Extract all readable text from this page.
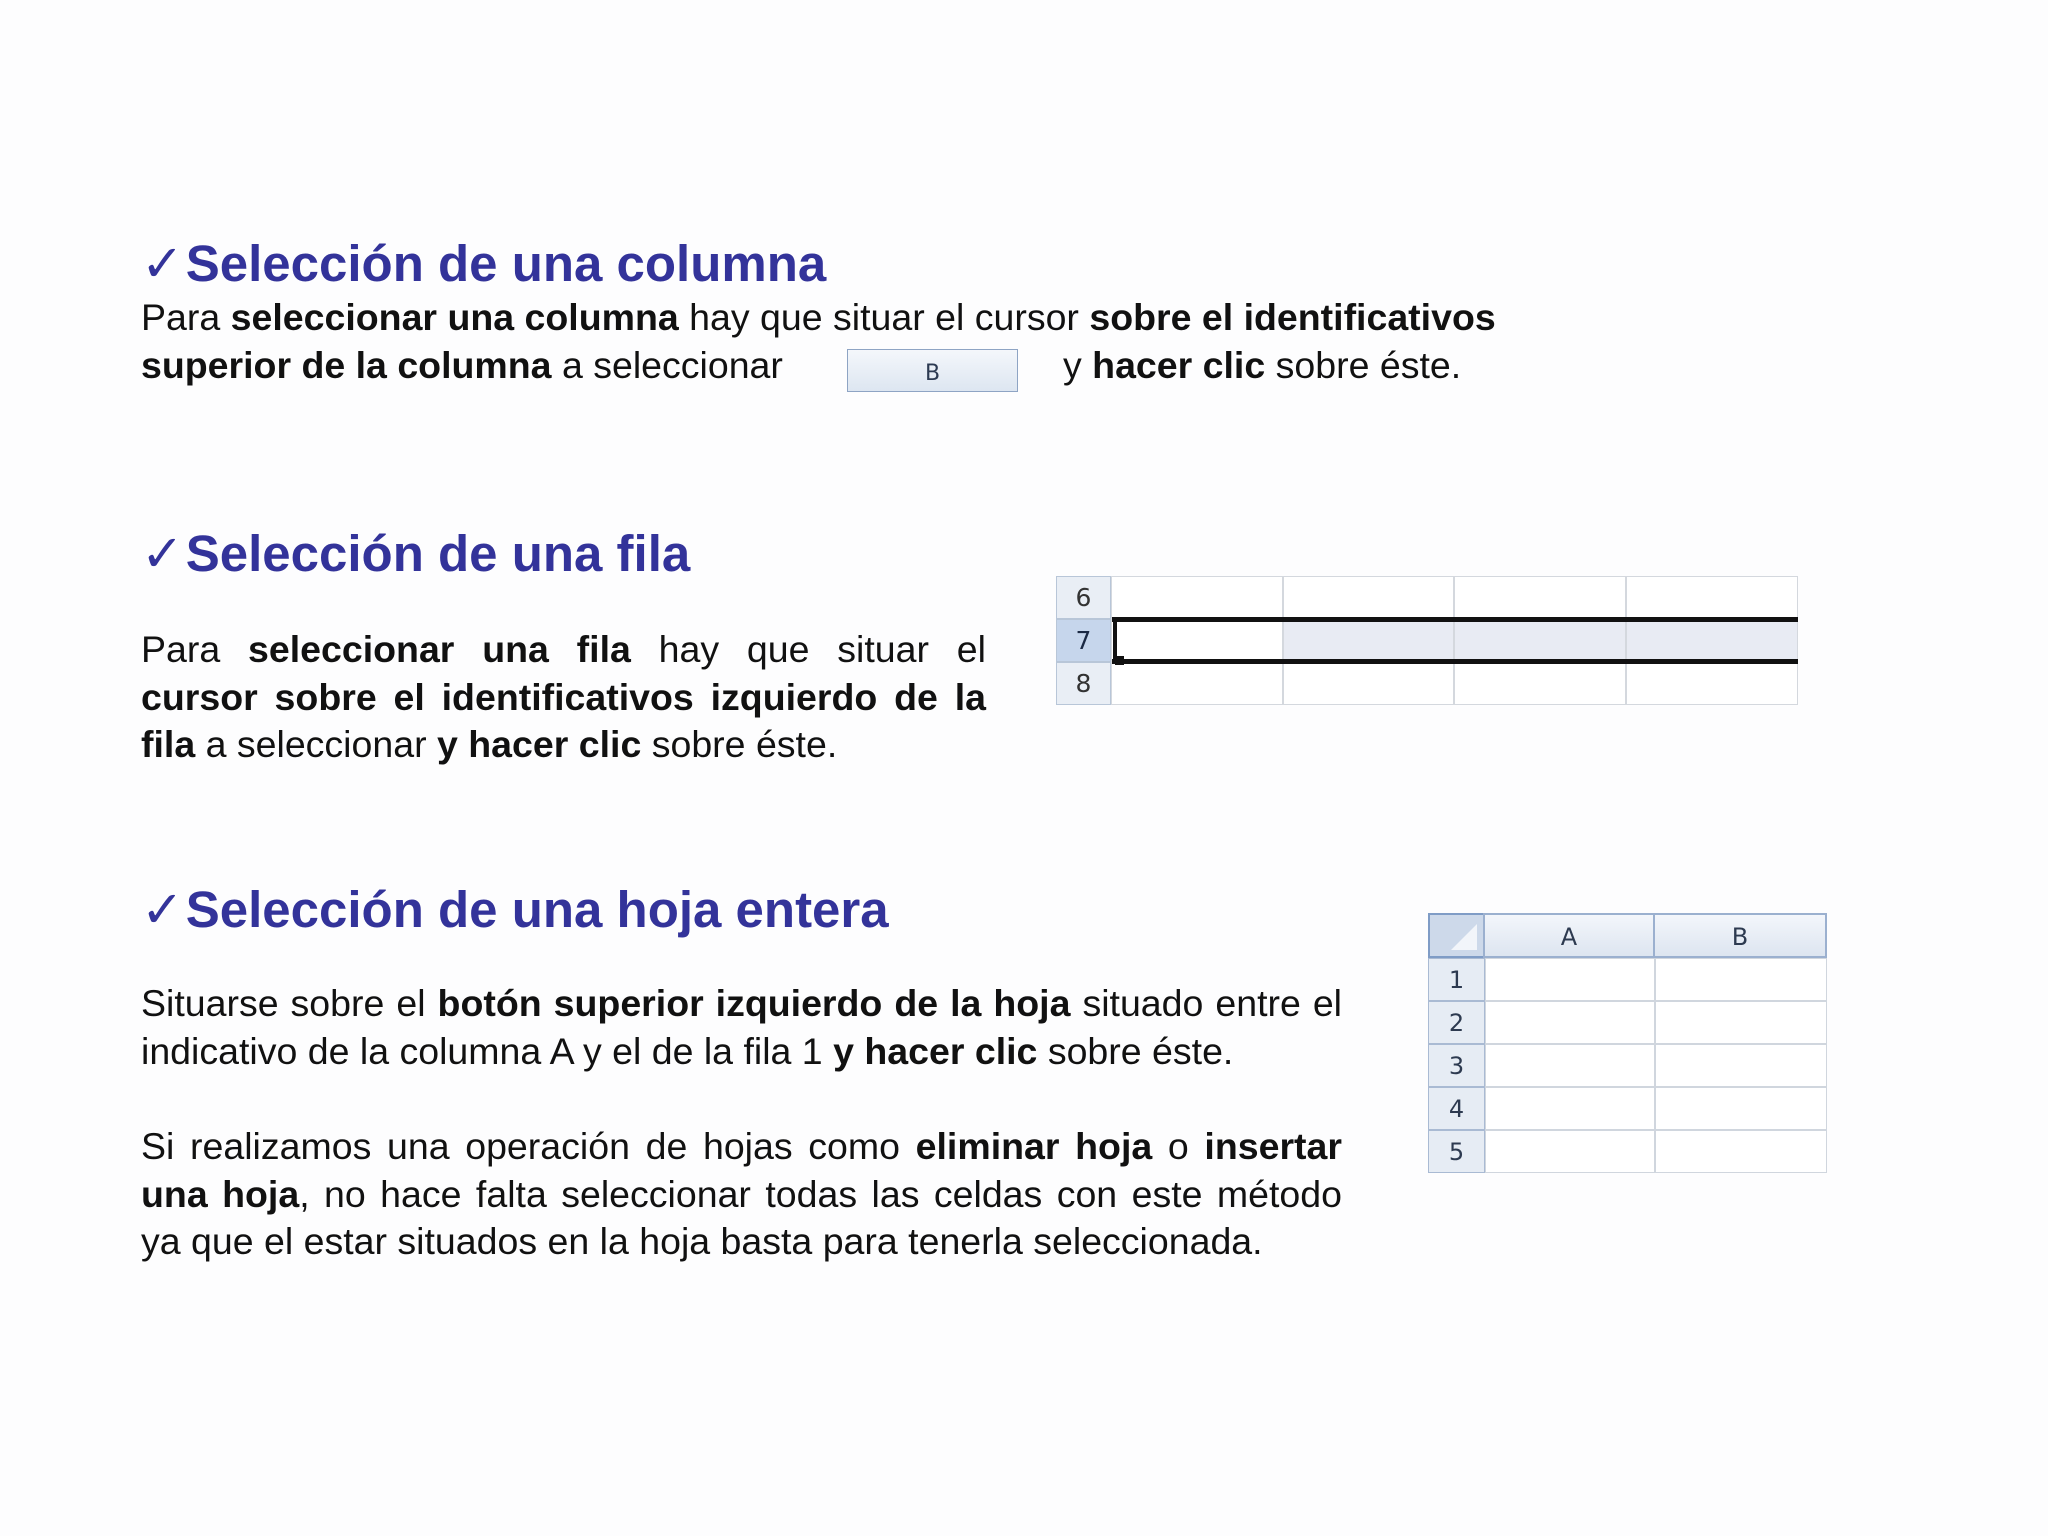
✓Selección de una columna
Para seleccionar una columna hay que situar el cursor sobre el identificativos
superior de la columna a seleccionar	B	y hacer clic sobre éste.
✓Selección de una fila
Para seleccionar una fila hay que situar el cursor sobre el identificativos izquierdo de la fila a seleccionar y hacer clic sobre éste.
6
7
8
✓Selección de una hoja entera
Situarse sobre el botón superior izquierdo de la hoja situado entre el indicativo de la columna A y el de la fila 1 y hacer clic sobre éste.
Si realizamos una operación de hojas como eliminar hoja o insertar una hoja, no hace falta seleccionar todas las celdas con este método ya que el estar situados en la hoja basta para tenerla seleccionada.
A	B
1
2
3
4
5
